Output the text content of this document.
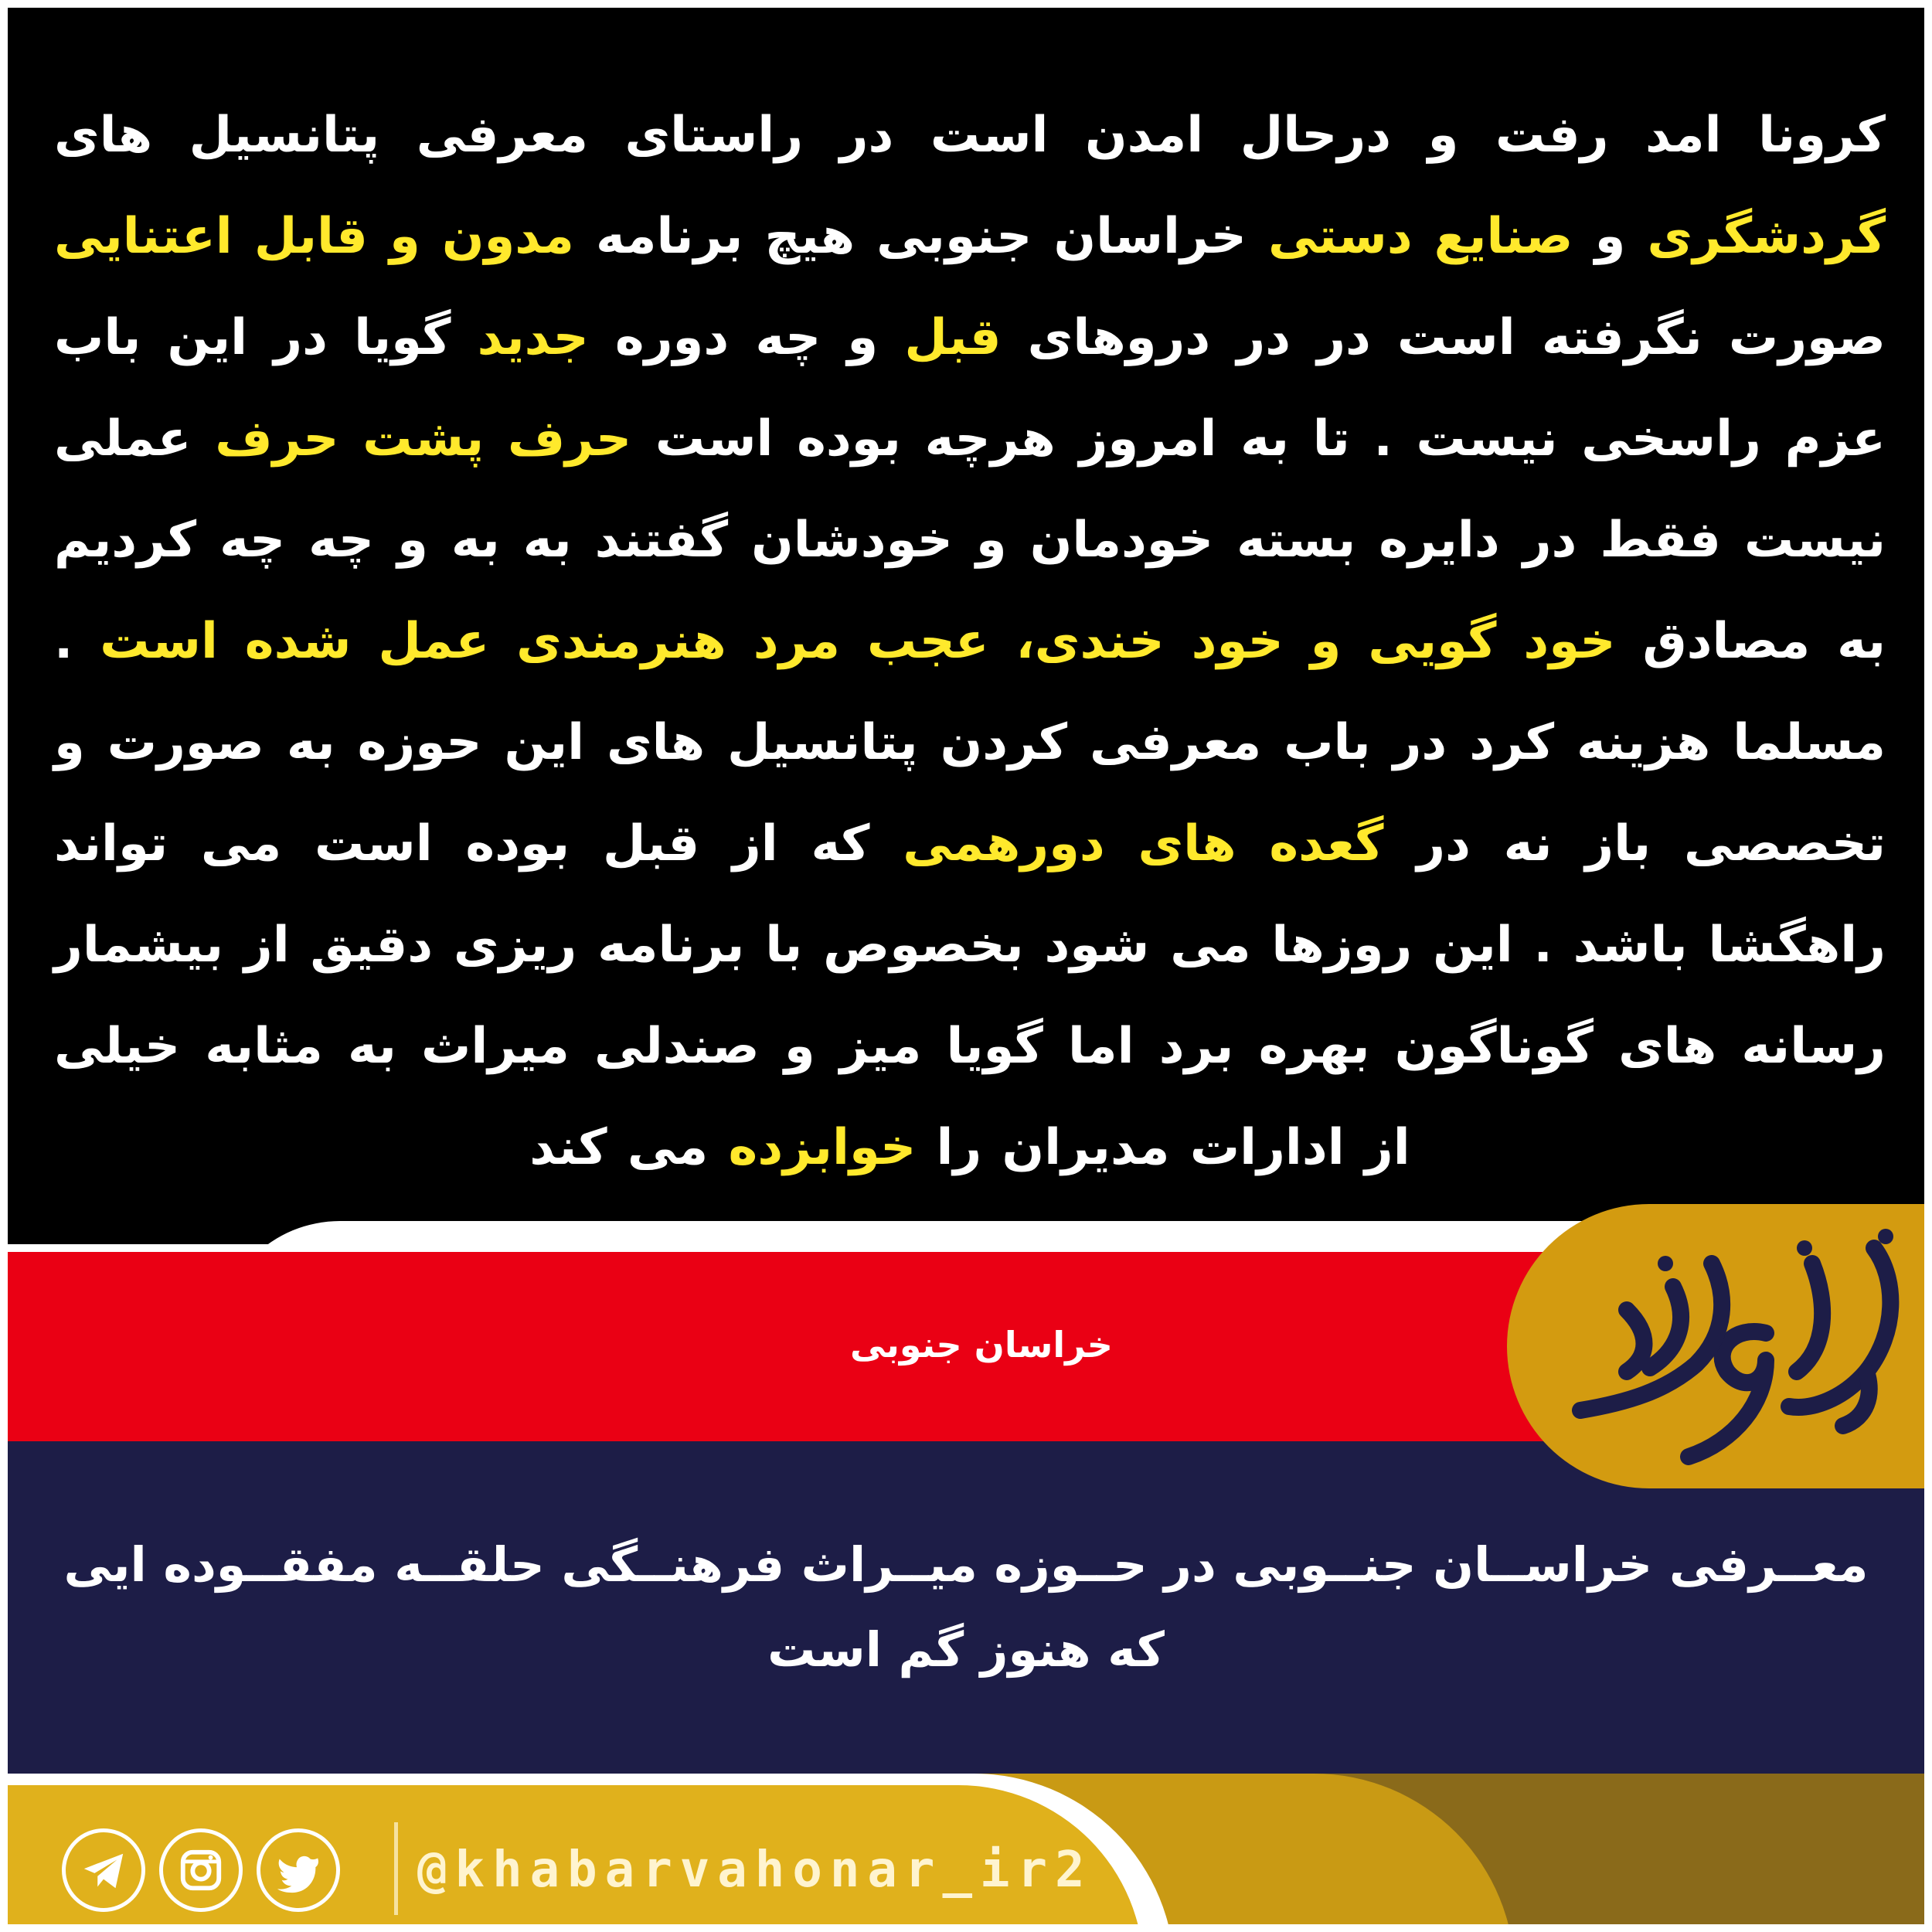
کرونا امد رفت و درحال امدن است در راستای معرفی پتانسیل های گردشگری و صنایع دستی خراسان جنوبی هیچ برنامه مدون و قابل اعتنایی صورت نگرفته است در در دروهای قبل و چه دوره جدید گویا در این باب عزم راسخی نیست . تا به امروز هرچه بوده است حرف پشت حرف عملی نیست فقط در دایره بسته خودمان و خودشان گفتند به به و چه چه کردیم به مصادق خود گویی و خود خندی، عجب مرد هنرمندی عمل شده است . مسلما هزینه کرد در باب معرفی کردن پتانسیل های این حوزه به صورت و تخصصی باز نه در گعده های دورهمی که از قبل بوده است می تواند راهگشا باشد . این روزها می شود بخصوص با برنامه ریزی دقیق از بیشمار رسانه های گوناگون بهره برد اما گویا میز و صندلی میراث به مثابه خیلی از ادارات مدیران را خوابزده می کند
خراسان جنوبی
معــرفی خراســان جنــوبی در حــوزه میــراث فرهنــگی حلقــه مفقــوده ایی که هنوز گم است
@khabarvahonar_ir2
